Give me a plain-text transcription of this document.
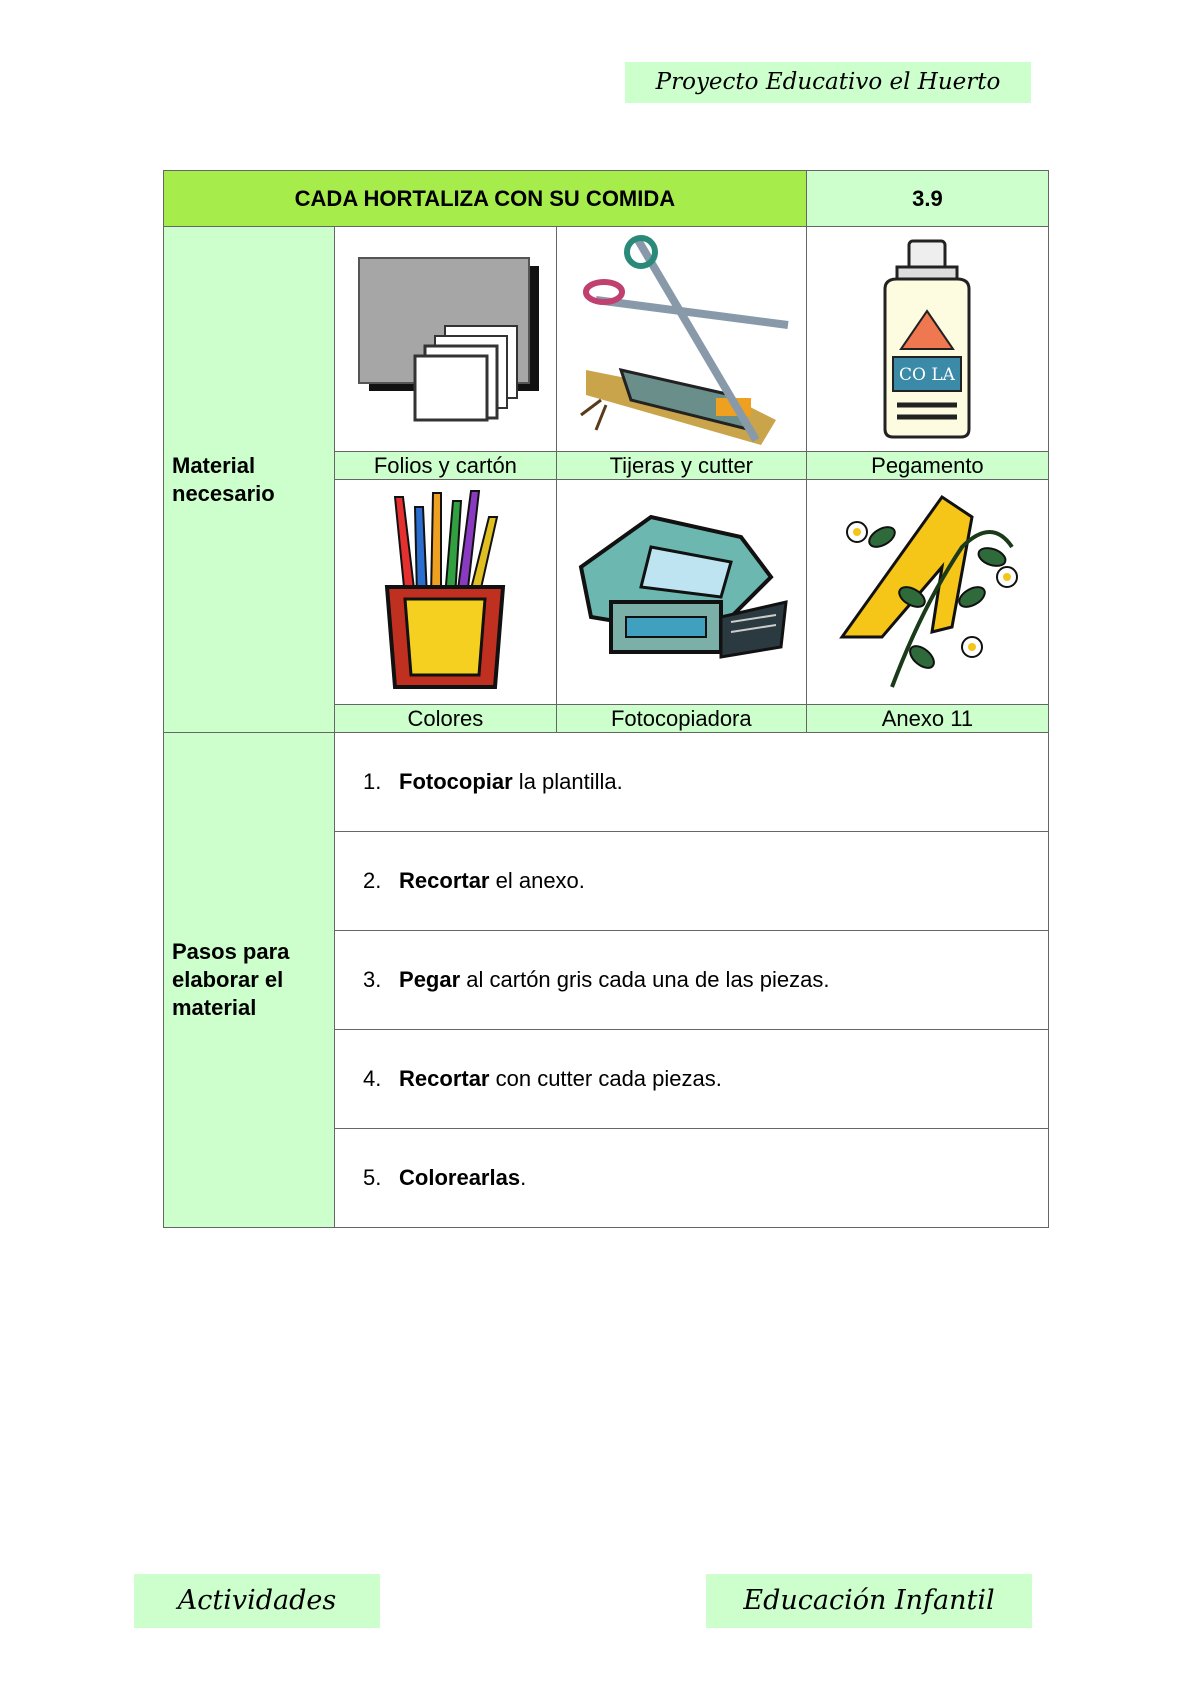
Proyecto Educativo el Huerto
CADA HORTALIZA CON SU COMIDA			3.9
Material necesario			CO LA

	Folios y cartón	Tijeras y cutter	Pegamento

	Colores	Fotocopiadora	Anexo 11
Pasos para elaborar el material	1. Fotocopiar la plantilla.		
	2. Recortar el anexo.		
	3. Pegar al cartón gris cada una de las piezas.		
	4. Recortar con cutter cada piezas.		
	5. Colorearlas.		
Actividades	Educación Infantil
